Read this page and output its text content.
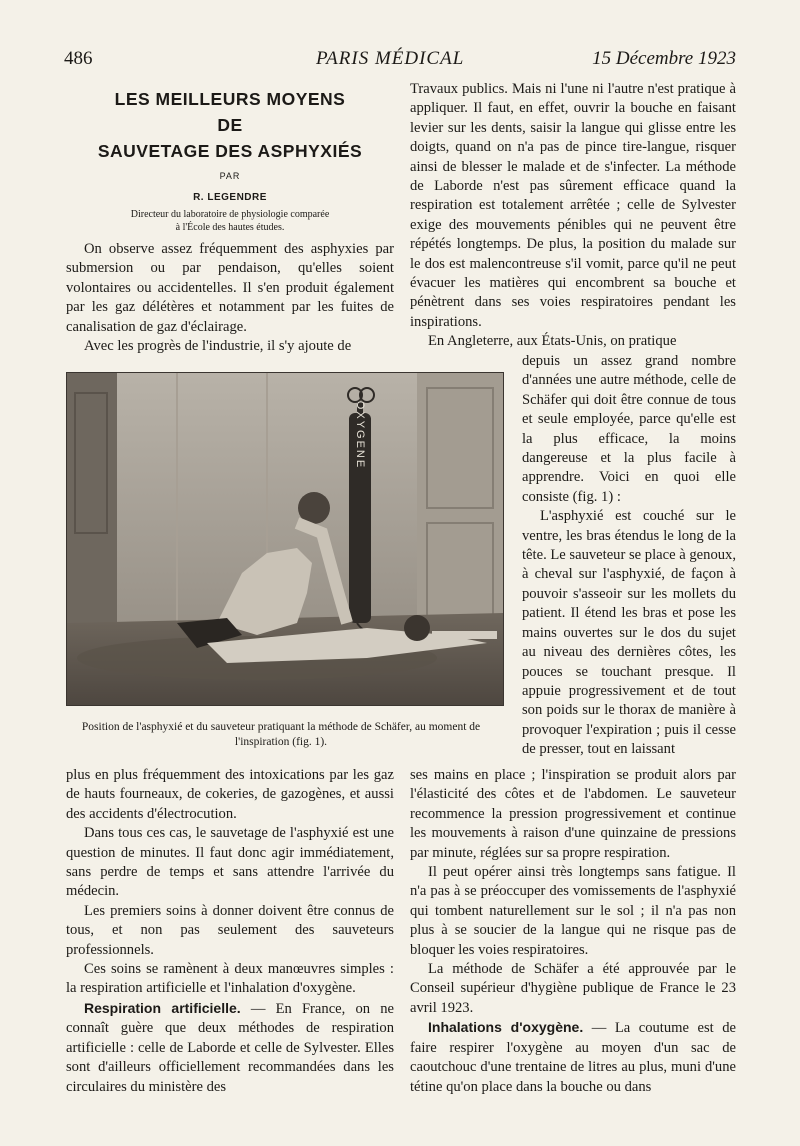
486	PARIS MÉDICAL	15 Décembre 1923
LES MEILLEURS MOYENS
DE
SAUVETAGE DES ASPHYXIÉS
PAR
R. LEGENDRE
Directeur du laboratoire de physiologie comparée
à l'École des hautes études.

On observe assez fréquemment des asphyxies par submersion ou par pendaison, qu'elles soient volontaires ou accidentelles. Il s'en produit également par les gaz délétères et notamment par les fuites de canalisation de gaz d'éclairage.

Avec les progrès de l'industrie, il s'y ajoute de

OXYGENE
Position de l'asphyxié et du sauveteur pratiquant la méthode de Schäfer, au moment de l'inspiration (fig. 1).

plus en plus fréquemment des intoxications par les gaz de hauts fourneaux, de cokeries, de gazogènes, et aussi des accidents d'électrocution.

Dans tous ces cas, le sauvetage de l'asphyxié est une question de minutes. Il faut donc agir immédiatement, sans perdre de temps et sans attendre l'arrivée du médecin.

Les premiers soins à donner doivent être connus de tous, et non pas seulement des sauveteurs professionnels.

Ces soins se ramènent à deux manœuvres simples : la respiration artificielle et l'inhalation d'oxygène.

Respiration artificielle. — En France, on ne connaît guère que deux méthodes de respiration artificielle : celle de Laborde et celle de Sylvester. Elles sont d'ailleurs officiellement recommandées dans les circulaires du ministère des

Travaux publics. Mais ni l'une ni l'autre n'est pratique à appliquer. Il faut, en effet, ouvrir la bouche en faisant levier sur les dents, saisir la langue qui glisse entre les doigts, quand on n'a pas de pince tire-langue, risquer ainsi de blesser le malade et de s'infecter. La méthode de Laborde n'est pas sûrement efficace quand la respiration est totalement arrêtée ; celle de Sylvester exige des mouvements pénibles qui ne peuvent être répétés longtemps. De plus, la position du malade sur le dos est malencontreuse s'il vomit, parce qu'il ne peut évacuer les matières qui encombrent sa bouche et pénètrent dans ses voies respiratoires pendant les inspirations.

En Angleterre, aux États-Unis, on pratique

depuis un assez grand nombre d'années une autre méthode, celle de Schäfer qui doit être connue de tous et seule employée, parce qu'elle est la plus efficace, la moins dangereuse et la plus facile à apprendre. Voici en quoi elle consiste (fig. 1) :

L'asphyxié est couché sur le ventre, les bras étendus le long de la tête. Le sauveteur se place à genoux, à cheval sur l'asphyxié, de façon à pouvoir s'asseoir sur les mollets du patient. Il étend les bras et pose les mains ouvertes sur le dos du sujet au niveau des dernières côtes, les pouces se touchant presque. Il appuie progressivement et de tout son poids sur le thorax de manière à provoquer l'expiration ; puis il cesse de presser, tout en laissant

ses mains en place ; l'inspiration se produit alors par l'élasticité des côtes et de l'abdomen. Le sauveteur recommence la pression progressivement et continue les mouvements à raison d'une quinzaine de pressions par minute, réglées sur sa propre respiration.

Il peut opérer ainsi très longtemps sans fatigue. Il n'a pas à se préoccuper des vomissements de l'asphyxié qui tombent naturellement sur le sol ; il n'a pas non plus à se soucier de la langue qui ne risque pas de bloquer les voies respiratoires.

La méthode de Schäfer a été approuvée par le Conseil supérieur d'hygiène publique de France le 23 avril 1923.

Inhalations d'oxygène. — La coutume est de faire respirer l'oxygène au moyen d'un sac de caoutchouc d'une trentaine de litres au plus, muni d'une tétine qu'on place dans la bouche ou dans
